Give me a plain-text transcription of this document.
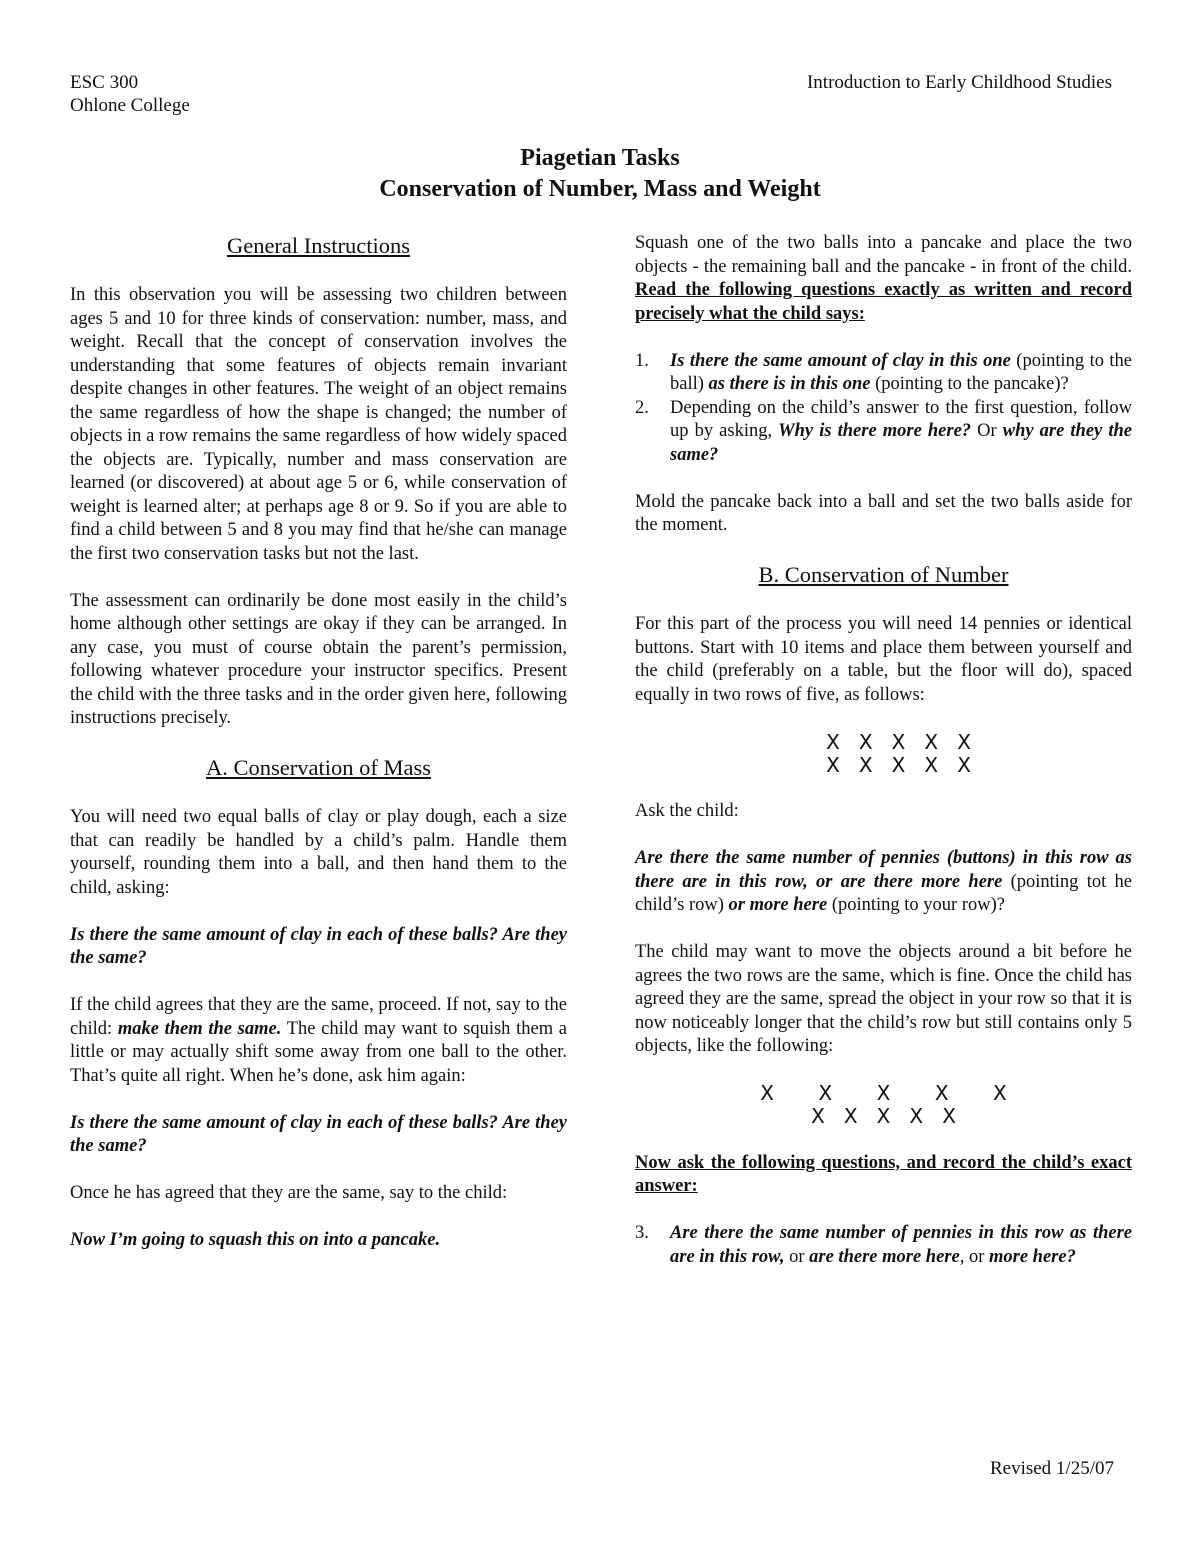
ESC 300
Ohlone College
Introduction to Early Childhood Studies
Piagetian Tasks
Conservation of Number, Mass and Weight
General Instructions

In this observation you will be assessing two children between ages 5 and 10 for three kinds of conservation: number, mass, and weight. Recall that the concept of conservation involves the understanding that some features of objects remain invariant despite changes in other features. The weight of an object remains the same regardless of how the shape is changed; the number of objects in a row remains the same regardless of how widely spaced the objects are. Typically, number and mass conservation are learned (or discovered) at about age 5 or 6, while conservation of weight is learned alter; at perhaps age 8 or 9. So if you are able to find a child between 5 and 8 you may find that he/she can manage the first two conservation tasks but not the last.

The assessment can ordinarily be done most easily in the child’s home although other settings are okay if they can be arranged. In any case, you must of course obtain the parent’s permission, following whatever procedure your instructor specifics. Present the child with the three tasks and in the order given here, following instructions precisely.

A. Conservation of Mass

You will need two equal balls of clay or play dough, each a size that can readily be handled by a child’s palm. Handle them yourself, rounding them into a ball, and then hand them to the child, asking:

Is there the same amount of clay in each of these balls? Are they the same?

If the child agrees that they are the same, proceed. If not, say to the child: make them the same. The child may want to squish them a little or may actually shift some away from one ball to the other. That’s quite all right. When he’s done, ask him again:

Is there the same amount of clay in each of these balls? Are they the same?

Once he has agreed that they are the same, say to the child:

Now I’m going to squash this on into a pancake.

Squash one of the two balls into a pancake and place the two objects - the remaining ball and the pancake - in front of the child. Read the following questions exactly as written and record precisely what the child says:

1. Is there the same amount of clay in this one (pointing to the ball) as there is in this one (pointing to the pancake)?
2. Depending on the child’s answer to the first question, follow up by asking, Why is there more here? Or why are they the same?

Mold the pancake back into a ball and set the two balls aside for the moment.

B. Conservation of Number

For this part of the process you will need 14 pennies or identical buttons. Start with 10 items and place them between yourself and the child (preferably on a table, but the floor will do), spaced equally in two rows of five, as follows:

X   X   X   X   X
X   X   X   X   X

Ask the child:

Are there the same number of pennies (buttons) in this row as there are in this row, or are there more here (pointing tot he child’s row) or more here (pointing to your row)?

The child may want to move the objects around a bit before he agrees the two rows are the same, which is fine. Once the child has agreed they are the same, spread the object in your row so that it is now noticeably longer that the child’s row but still contains only 5 objects, like the following:

X       X       X       X       X
X   X   X   X   X

Now ask the following questions, and record the child’s exact answer:

3. Are there the same number of pennies in this row as there are in this row, or are there more here, or more here?
Revised 1/25/07
